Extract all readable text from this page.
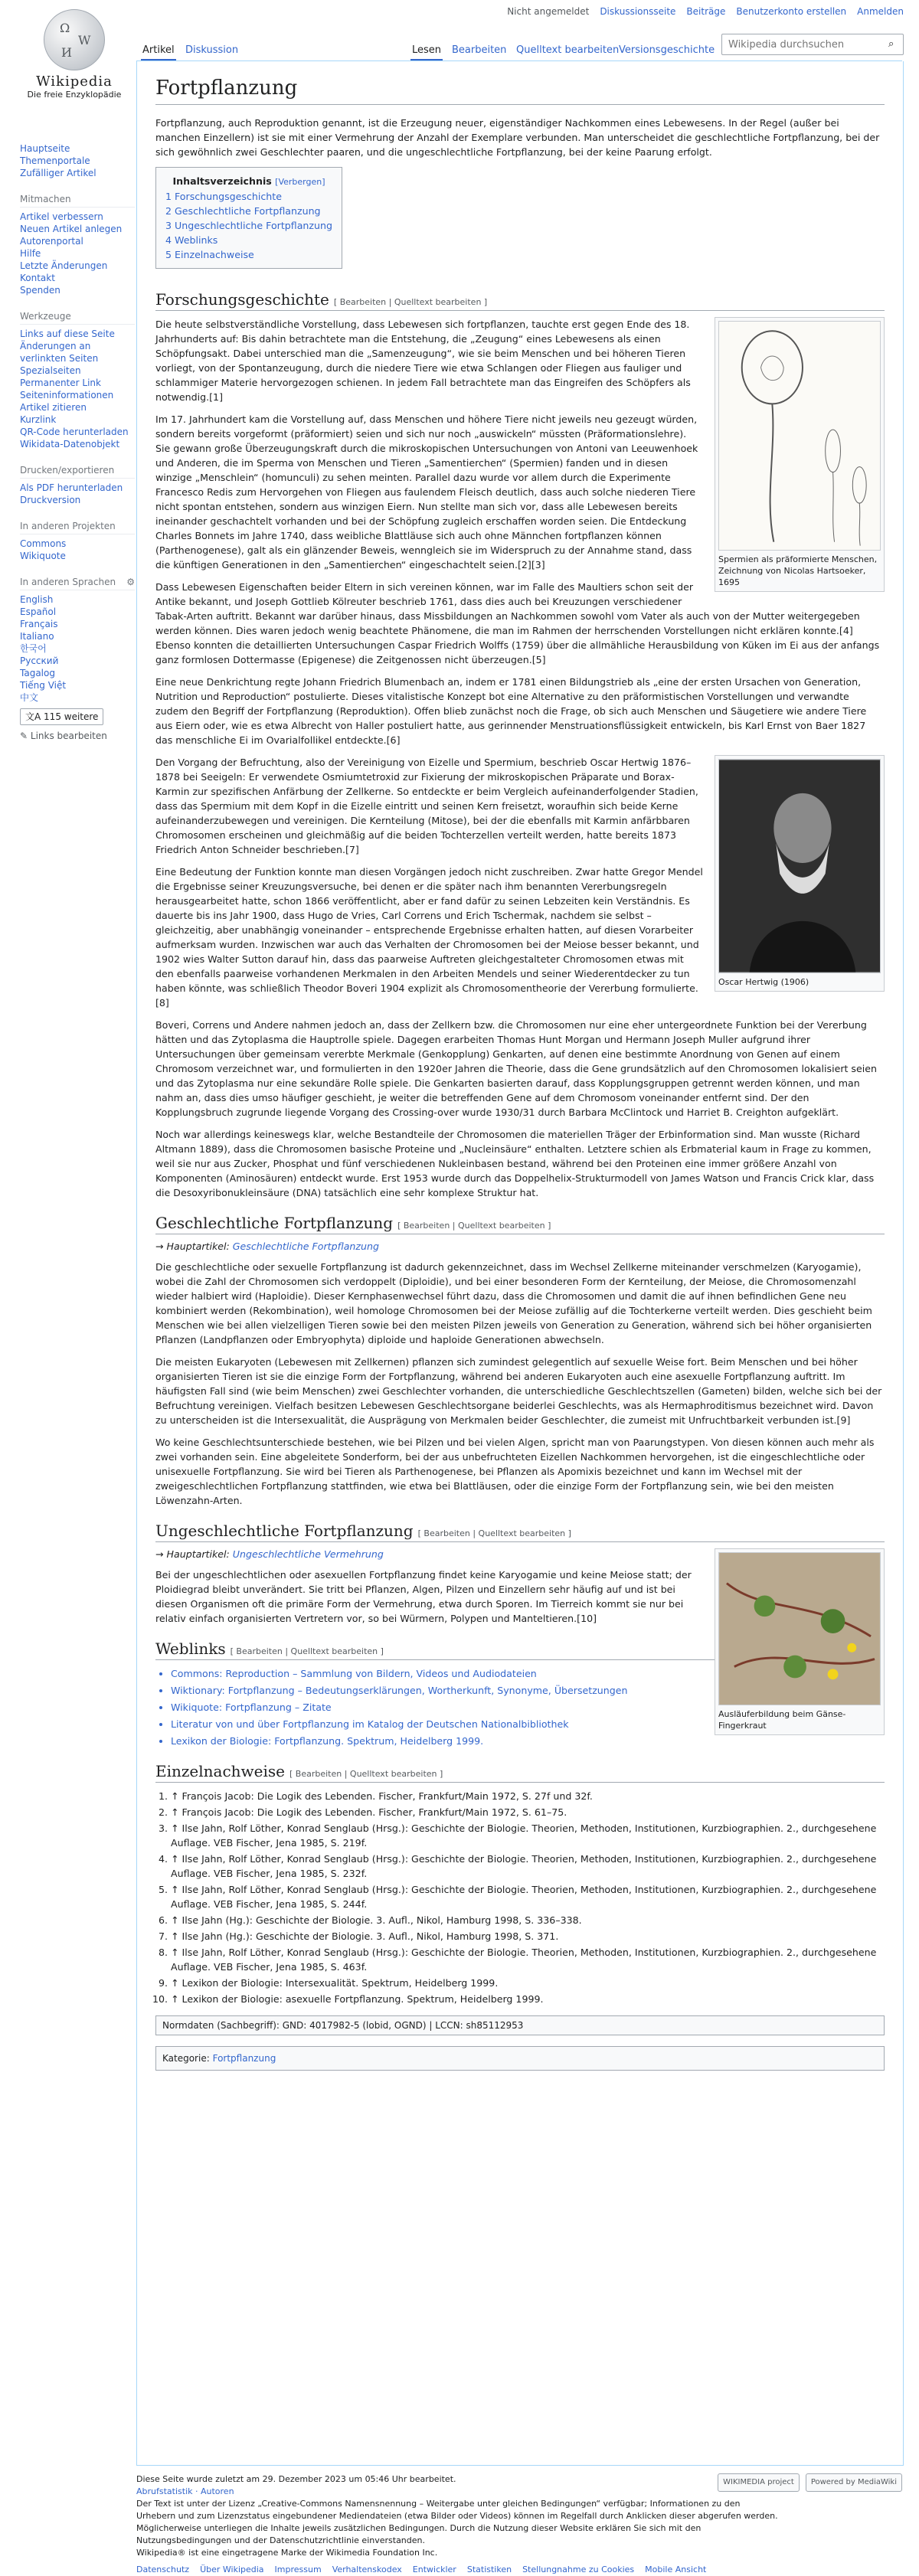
Nicht angemeldet Diskussionsseite Beiträge Benutzerkonto erstellen Anmelden
Ω
W
И
Wikipedia
Die freie Enzyklopädie
Hauptseite
Themenportale
Zufälliger Artikel
Mitmachen
Artikel verbessern
Neuen Artikel anlegen
Autorenportal
Hilfe
Letzte Änderungen
Kontakt
Spenden
Werkzeuge
Links auf diese Seite
Änderungen an verlinkten Seiten
Spezialseiten
Permanenter Link
Seiteninformationen
Artikel zitieren
Kurzlink
QR-Code herunterladen
Wikidata-Datenobjekt
Drucken/exportieren
Als PDF herunterladen
Druckversion
In anderen Projekten
Commons
Wikiquote
In anderen Sprachen ⚙
English
Español
Français
Italiano
한국어
Русский
Tagalog
Tiếng Việt
中文
文A 115 weitere
✎ Links bearbeiten
Artikel Diskussion	Lesen Bearbeiten Quelltext bearbeiten Versionsgeschichte
Wikipedia durchsuchen
⌕
Fortpflanzung

Fortpflanzung, auch Reproduktion genannt, ist die Erzeugung neuer, eigenständiger Nachkommen eines Lebewesens. In der Regel (außer bei manchen Einzellern) ist sie mit einer Vermehrung der Anzahl der Exemplare verbunden. Man unterscheidet die geschlechtliche Fortpflanzung, bei der sich gewöhnlich zwei Geschlechter paaren, und die ungeschlechtliche Fortpflanzung, bei der keine Paarung erfolgt.

Inhaltsverzeichnis [Verbergen]
1 Forschungsgeschichte
2 Geschlechtliche Fortpflanzung
3 Ungeschlechtliche Fortpflanzung
4 Weblinks
5 Einzelnachweise
Forschungsgeschichte [ Bearbeiten | Quelltext bearbeiten ]
Spermien als präformierte Menschen, Zeichnung von Nicolas Hartsoeker, 1695

Die heute selbstverständliche Vorstellung, dass Lebewesen sich fortpflanzen, tauchte erst gegen Ende des 18. Jahrhunderts auf: Bis dahin betrachtete man die Entstehung, die „Zeugung“ eines Lebewesens als einen Schöpfungsakt. Dabei unterschied man die „Samenzeugung“, wie sie beim Menschen und bei höheren Tieren vorliegt, von der Spontanzeugung, durch die niedere Tiere wie etwa Schlangen oder Fliegen aus fauliger und schlammiger Materie hervorgezogen schienen. In jedem Fall betrachtete man das Eingreifen des Schöpfers als notwendig.[1]

Im 17. Jahrhundert kam die Vorstellung auf, dass Menschen und höhere Tiere nicht jeweils neu gezeugt würden, sondern bereits vorgeformt (präformiert) seien und sich nur noch „auswickeln“ müssten (Präformationslehre). Sie gewann große Überzeugungskraft durch die mikroskopischen Untersuchungen von Antoni van Leeuwenhoek und Anderen, die im Sperma von Menschen und Tieren „Samentierchen“ (Spermien) fanden und in diesen winzige „Menschlein“ (homunculi) zu sehen meinten. Parallel dazu wurde vor allem durch die Experimente Francesco Redis zum Hervorgehen von Fliegen aus faulendem Fleisch deutlich, dass auch solche niederen Tiere nicht spontan entstehen, sondern aus winzigen Eiern. Nun stellte man sich vor, dass alle Lebewesen bereits ineinander geschachtelt vorhanden und bei der Schöpfung zugleich erschaffen worden seien. Die Entdeckung Charles Bonnets im Jahre 1740, dass weibliche Blattläuse sich auch ohne Männchen fortpflanzen können (Parthenogenese), galt als ein glänzender Beweis, wenngleich sie im Widerspruch zu der Annahme stand, dass die künftigen Generationen in den „Samentierchen“ eingeschachtelt seien.[2][3]

Dass Lebewesen Eigenschaften beider Eltern in sich vereinen können, war im Falle des Maultiers schon seit der Antike bekannt, und Joseph Gottlieb Kölreuter beschrieb 1761, dass dies auch bei Kreuzungen verschiedener Tabak-Arten auftritt. Bekannt war darüber hinaus, dass Missbildungen an Nachkommen sowohl vom Vater als auch von der Mutter weitergegeben werden können. Dies waren jedoch wenig beachtete Phänomene, die man im Rahmen der herrschenden Vorstellungen nicht erklären konnte.[4] Ebenso konnten die detaillierten Untersuchungen Caspar Friedrich Wolffs (1759) über die allmähliche Herausbildung von Küken im Ei aus der anfangs ganz formlosen Dottermasse (Epigenese) die Zeitgenossen nicht überzeugen.[5]

Eine neue Denkrichtung regte Johann Friedrich Blumenbach an, indem er 1781 einen Bildungstrieb als „eine der ersten Ursachen von Generation, Nutrition und Reproduction“ postulierte. Dieses vitalistische Konzept bot eine Alternative zu den präformistischen Vorstellungen und verwandte zudem den Begriff der Fortpflanzung (Reproduktion). Offen blieb zunächst noch die Frage, ob sich auch Menschen und Säugetiere wie andere Tiere aus Eiern oder, wie es etwa Albrecht von Haller postuliert hatte, aus gerinnender Menstruationsflüssigkeit entwickeln, bis Karl Ernst von Baer 1827 das menschliche Ei im Ovarialfollikel entdeckte.[6]

Oscar Hertwig (1906)

Den Vorgang der Befruchtung, also der Vereinigung von Eizelle und Spermium, beschrieb Oscar Hertwig 1876–1878 bei Seeigeln: Er verwendete Osmiumtetroxid zur Fixierung der mikroskopischen Präparate und Borax-Karmin zur spezifischen Anfärbung der Zellkerne. So entdeckte er beim Vergleich aufeinanderfolgender Stadien, dass das Spermium mit dem Kopf in die Eizelle eintritt und seinen Kern freisetzt, woraufhin sich beide Kerne aufeinanderzubewegen und vereinigen. Die Kernteilung (Mitose), bei der die ebenfalls mit Karmin anfärbbaren Chromosomen erscheinen und gleichmäßig auf die beiden Tochterzellen verteilt werden, hatte bereits 1873 Friedrich Anton Schneider beschrieben.[7]

Eine Bedeutung der Funktion konnte man diesen Vorgängen jedoch nicht zuschreiben. Zwar hatte Gregor Mendel die Ergebnisse seiner Kreuzungsversuche, bei denen er die später nach ihm benannten Vererbungsregeln herausgearbeitet hatte, schon 1866 veröffentlicht, aber er fand dafür zu seinen Lebzeiten kein Verständnis. Es dauerte bis ins Jahr 1900, dass Hugo de Vries, Carl Correns und Erich Tschermak, nachdem sie selbst – gleichzeitig, aber unabhängig voneinander – entsprechende Ergebnisse erhalten hatten, auf diesen Vorarbeiter aufmerksam wurden. Inzwischen war auch das Verhalten der Chromosomen bei der Meiose besser bekannt, und 1902 wies Walter Sutton darauf hin, dass das paarweise Auftreten gleichgestalteter Chromosomen etwas mit den ebenfalls paarweise vorhandenen Merkmalen in den Arbeiten Mendels und seiner Wiederentdecker zu tun haben könnte, was schließlich Theodor Boveri 1904 explizit als Chromosomentheorie der Vererbung formulierte.[8]

Boveri, Correns und Andere nahmen jedoch an, dass der Zellkern bzw. die Chromosomen nur eine eher untergeordnete Funktion bei der Vererbung hätten und das Zytoplasma die Hauptrolle spiele. Dagegen erarbeiten Thomas Hunt Morgan und Hermann Joseph Muller aufgrund ihrer Untersuchungen über gemeinsam vererbte Merkmale (Genkopplung) Genkarten, auf denen eine bestimmte Anordnung von Genen auf einem Chromosom verzeichnet war, und formulierten in den 1920er Jahren die Theorie, dass die Gene grundsätzlich auf den Chromosomen lokalisiert seien und das Zytoplasma nur eine sekundäre Rolle spiele. Die Genkarten basierten darauf, dass Kopplungsgruppen getrennt werden können, und man nahm an, dass dies umso häufiger geschieht, je weiter die betreffenden Gene auf dem Chromosom voneinander entfernt sind. Der den Kopplungsbruch zugrunde liegende Vorgang des Crossing-over wurde 1930/31 durch Barbara McClintock und Harriet B. Creighton aufgeklärt.

Noch war allerdings keineswegs klar, welche Bestandteile der Chromosomen die materiellen Träger der Erbinformation sind. Man wusste (Richard Altmann 1889), dass die Chromosomen basische Proteine und „Nucleinsäure“ enthalten. Letztere schien als Erbmaterial kaum in Frage zu kommen, weil sie nur aus Zucker, Phosphat und fünf verschiedenen Nukleinbasen bestand, während bei den Proteinen eine immer größere Anzahl von Komponenten (Aminosäuren) entdeckt wurde. Erst 1953 wurde durch das Doppelhelix-Strukturmodell von James Watson und Francis Crick klar, dass die Desoxyribonukleinsäure (DNA) tatsächlich eine sehr komplexe Struktur hat.

Geschlechtliche Fortpflanzung [ Bearbeiten | Quelltext bearbeiten ]
→ Hauptartikel: Geschlechtliche Fortpflanzung

Die geschlechtliche oder sexuelle Fortpflanzung ist dadurch gekennzeichnet, dass im Wechsel Zellkerne miteinander verschmelzen (Karyogamie), wobei die Zahl der Chromosomen sich verdoppelt (Diploidie), und bei einer besonderen Form der Kernteilung, der Meiose, die Chromosomenzahl wieder halbiert wird (Haploidie). Dieser Kernphasenwechsel führt dazu, dass die Chromosomen und damit die auf ihnen befindlichen Gene neu kombiniert werden (Rekombination), weil homologe Chromosomen bei der Meiose zufällig auf die Tochterkerne verteilt werden. Dies geschieht beim Menschen wie bei allen vielzelligen Tieren sowie bei den meisten Pilzen jeweils von Generation zu Generation, während sich bei höher organisierten Pflanzen (Landpflanzen oder Embryophyta) diploide und haploide Generationen abwechseln.

Die meisten Eukaryoten (Lebewesen mit Zellkernen) pflanzen sich zumindest gelegentlich auf sexuelle Weise fort. Beim Menschen und bei höher organisierten Tieren ist sie die einzige Form der Fortpflanzung, während bei anderen Eukaryoten auch eine asexuelle Fortpflanzung auftritt. Im häufigsten Fall sind (wie beim Menschen) zwei Geschlechter vorhanden, die unterschiedliche Geschlechtszellen (Gameten) bilden, welche sich bei der Befruchtung vereinigen. Vielfach besitzen Lebewesen Geschlechtsorgane beiderlei Geschlechts, was als Hermaphroditismus bezeichnet wird. Davon zu unterscheiden ist die Intersexualität, die Ausprägung von Merkmalen beider Geschlechter, die zumeist mit Unfruchtbarkeit verbunden ist.[9]

Wo keine Geschlechtsunterschiede bestehen, wie bei Pilzen und bei vielen Algen, spricht man von Paarungstypen. Von diesen können auch mehr als zwei vorhanden sein. Eine abgeleitete Sonderform, bei der aus unbefruchteten Eizellen Nachkommen hervorgehen, ist die eingeschlechtliche oder unisexuelle Fortpflanzung. Sie wird bei Tieren als Parthenogenese, bei Pflanzen als Apomixis bezeichnet und kann im Wechsel mit der zweigeschlechtlichen Fortpflanzung stattfinden, wie etwa bei Blattläusen, oder die einzige Form der Fortpflanzung sein, wie bei den meisten Löwenzahn-Arten.

Ungeschlechtliche Fortpflanzung [ Bearbeiten | Quelltext bearbeiten ]
Ausläuferbildung beim Gänse-Fingerkraut
→ Hauptartikel: Ungeschlechtliche Vermehrung

Bei der ungeschlechtlichen oder asexuellen Fortpflanzung findet keine Karyogamie und keine Meiose statt; der Ploidiegrad bleibt unverändert. Sie tritt bei Pflanzen, Algen, Pilzen und Einzellern sehr häufig auf und ist bei diesen Organismen oft die primäre Form der Vermehrung, etwa durch Sporen. Im Tierreich kommt sie nur bei relativ einfach organisierten Vertretern vor, so bei Würmern, Polypen und Manteltieren.[10]

Weblinks [ Bearbeiten | Quelltext bearbeiten ]
• Commons: Reproduction – Sammlung von Bildern, Videos und Audiodateien
• Wiktionary: Fortpflanzung – Bedeutungserklärungen, Wortherkunft, Synonyme, Übersetzungen
• Wikiquote: Fortpflanzung – Zitate
• Literatur von und über Fortpflanzung im Katalog der Deutschen Nationalbibliothek
• Lexikon der Biologie: Fortpflanzung. Spektrum, Heidelberg 1999.
Einzelnachweise [ Bearbeiten | Quelltext bearbeiten ]
1. ↑ François Jacob: Die Logik des Lebenden. Fischer, Frankfurt/Main 1972, S. 27f und 32f.
2. ↑ François Jacob: Die Logik des Lebenden. Fischer, Frankfurt/Main 1972, S. 61–75.
3. ↑ Ilse Jahn, Rolf Löther, Konrad Senglaub (Hrsg.): Geschichte der Biologie. Theorien, Methoden, Institutionen, Kurzbiographien. 2., durchgesehene Auflage. VEB Fischer, Jena 1985, S. 219f.
4. ↑ Ilse Jahn, Rolf Löther, Konrad Senglaub (Hrsg.): Geschichte der Biologie. Theorien, Methoden, Institutionen, Kurzbiographien. 2., durchgesehene Auflage. VEB Fischer, Jena 1985, S. 232f.
5. ↑ Ilse Jahn, Rolf Löther, Konrad Senglaub (Hrsg.): Geschichte der Biologie. Theorien, Methoden, Institutionen, Kurzbiographien. 2., durchgesehene Auflage. VEB Fischer, Jena 1985, S. 244f.
6. ↑ Ilse Jahn (Hg.): Geschichte der Biologie. 3. Aufl., Nikol, Hamburg 1998, S. 336–338.
7. ↑ Ilse Jahn (Hg.): Geschichte der Biologie. 3. Aufl., Nikol, Hamburg 1998, S. 371.
8. ↑ Ilse Jahn, Rolf Löther, Konrad Senglaub (Hrsg.): Geschichte der Biologie. Theorien, Methoden, Institutionen, Kurzbiographien. 2., durchgesehene Auflage. VEB Fischer, Jena 1985, S. 463f.
9. ↑ Lexikon der Biologie: Intersexualität. Spektrum, Heidelberg 1999.
10. ↑ Lexikon der Biologie: asexuelle Fortpflanzung. Spektrum, Heidelberg 1999.
Normdaten (Sachbegriff): GND: 4017982-5 (lobid, OGND) | LCCN: sh85112953
Kategorie: Fortpflanzung
Diese Seite wurde zuletzt am 29. Dezember 2023 um 05:46 Uhr bearbeitet.
Abrufstatistik · Autoren
Der Text ist unter der Lizenz „Creative-Commons Namensnennung – Weitergabe unter gleichen Bedingungen“ verfügbar; Informationen zu den Urhebern und zum Lizenzstatus eingebundener Mediendateien (etwa Bilder oder Videos) können im Regelfall durch Anklicken dieser abgerufen werden. Möglicherweise unterliegen die Inhalte jeweils zusätzlichen Bedingungen. Durch die Nutzung dieser Website erklären Sie sich mit den Nutzungsbedingungen und der Datenschutzrichtlinie einverstanden.
Wikipedia® ist eine eingetragene Marke der Wikimedia Foundation Inc.
Datenschutz Über Wikipedia Impressum Verhaltenskodex Entwickler Statistiken Stellungnahme zu Cookies Mobile Ansicht
WIKIMEDIA project	Powered by MediaWiki
